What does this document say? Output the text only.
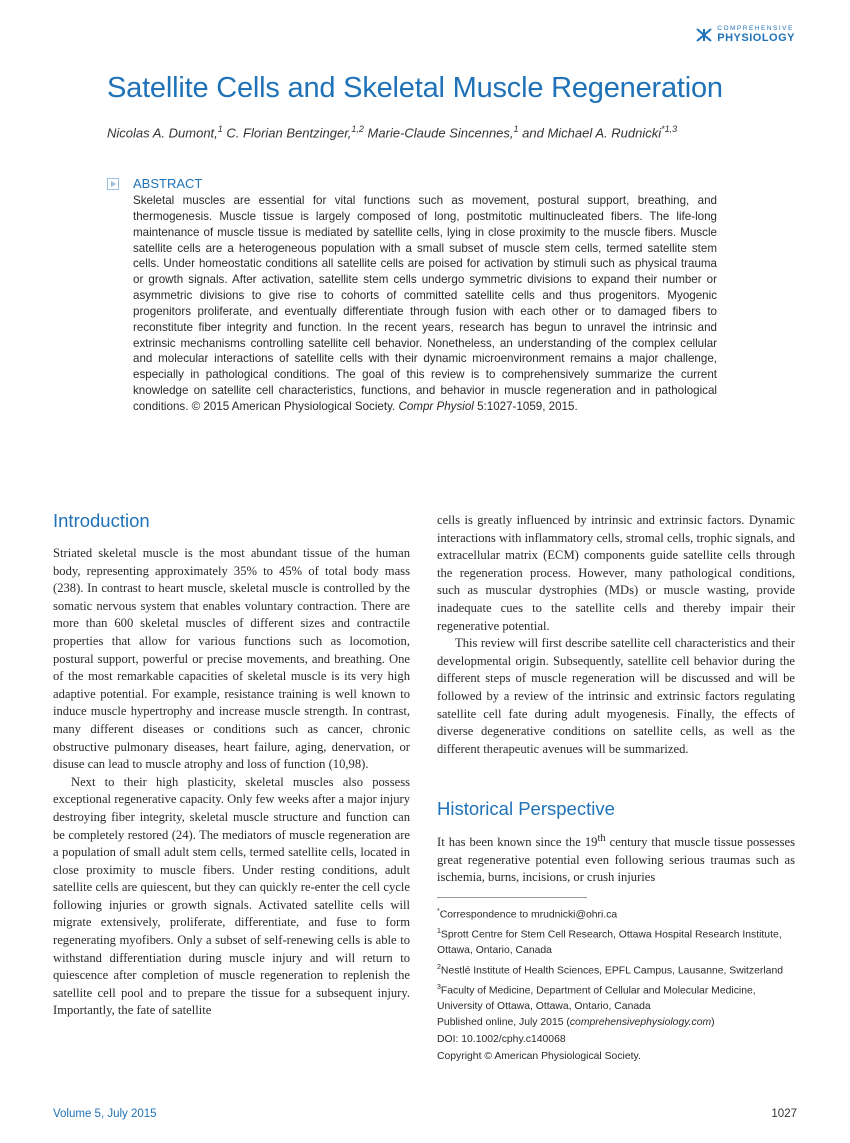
COMPREHENSIVE
PHYSIOLOGY
Satellite Cells and Skeletal Muscle Regeneration
Nicolas A. Dumont,$^1$ C. Florian Bentzinger,$^{1,2}$ Marie-Claude Sincennes,$^1$ and Michael A. Rudnicki$^{*1,3}$
ABSTRACT
Skeletal muscles are essential for vital functions such as movement, postural support, breathing, and thermogenesis. Muscle tissue is largely composed of long, postmitotic multinucleated fibers. The life-long maintenance of muscle tissue is mediated by satellite cells, lying in close proximity to the muscle fibers. Muscle satellite cells are a heterogeneous population with a small subset of muscle stem cells, termed satellite stem cells. Under homeostatic conditions all satellite cells are poised for activation by stimuli such as physical trauma or growth signals. After activation, satellite stem cells undergo symmetric divisions to expand their number or asymmetric divisions to give rise to cohorts of committed satellite cells and thus progenitors. Myogenic progenitors proliferate, and eventually differentiate through fusion with each other or to damaged fibers to reconstitute fiber integrity and function. In the recent years, research has begun to unravel the intrinsic and extrinsic mechanisms controlling satellite cell behavior. Nonetheless, an understanding of the complex cellular and molecular interactions of satellite cells with their dynamic microenvironment remains a major challenge, especially in pathological conditions. The goal of this review is to comprehensively summarize the current knowledge on satellite cell characteristics, functions, and behavior in muscle regeneration and in pathological conditions. © 2015 American Physiological Society. Compr Physiol 5:1027-1059, 2015.
Introduction

Striated skeletal muscle is the most abundant tissue of the human body, representing approximately 35% to 45% of total body mass (238). In contrast to heart muscle, skeletal muscle is controlled by the somatic nervous system that enables voluntary contraction. There are more than 600 skeletal muscles of different sizes and contractile properties that allow for various functions such as locomotion, postural support, powerful or precise movements, and breathing. One of the most remarkable capacities of skeletal muscle is its very high adaptive potential. For example, resistance training is well known to induce muscle hypertrophy and increase muscle strength. In contrast, many different diseases or conditions such as cancer, chronic obstructive pulmonary diseases, heart failure, aging, denervation, or disuse can lead to muscle atrophy and loss of function (10,98).

Next to their high plasticity, skeletal muscles also possess exceptional regenerative capacity. Only few weeks after a major injury destroying fiber integrity, skeletal muscle structure and function can be completely restored (24). The mediators of muscle regeneration are a population of small adult stem cells, termed satellite cells, located in close proximity to muscle fibers. Under resting conditions, adult satellite cells are quiescent, but they can quickly re-enter the cell cycle following injuries or growth signals. Activated satellite cells will migrate extensively, proliferate, differentiate, and fuse to form regenerating myofibers. Only a subset of self-renewing cells is able to withstand differentiation during muscle injury and will return to quiescence after completion of muscle regeneration to replenish the satellite cell pool and to prepare the tissue for a subsequent injury. Importantly, the fate of satellite

cells is greatly influenced by intrinsic and extrinsic factors. Dynamic interactions with inflammatory cells, stromal cells, trophic signals, and extracellular matrix (ECM) components guide satellite cells through the regeneration process. However, many pathological conditions, such as muscular dystrophies (MDs) or muscle wasting, provide inadequate cues to the satellite cells and thereby impair their regenerative potential.

This review will first describe satellite cell characteristics and their developmental origin. Subsequently, satellite cell behavior during the different steps of muscle regeneration will be discussed and will be followed by a review of the intrinsic and extrinsic factors regulating satellite cell fate during adult myogenesis. Finally, the effects of diverse degenerative conditions on satellite cells, as well as the different therapeutic avenues will be summarized.

Historical Perspective

It has been known since the 19th century that muscle tissue possesses great regenerative potential even following serious traumas such as ischemia, burns, incisions, or crush injuries

*Correspondence to mrudnicki@ohri.ca

$^1$Sprott Centre for Stem Cell Research, Ottawa Hospital Research Institute, Ottawa, Ontario, Canada

$^2$Nestlé Institute of Health Sciences, EPFL Campus, Lausanne, Switzerland

$^3$Faculty of Medicine, Department of Cellular and Molecular Medicine, University of Ottawa, Ottawa, Ontario, Canada

Published online, July 2015 (comprehensivephysiology.com)

DOI: 10.1002/cphy.c140068

Copyright © American Physiological Society.

Volume 5, July 2015	1027
